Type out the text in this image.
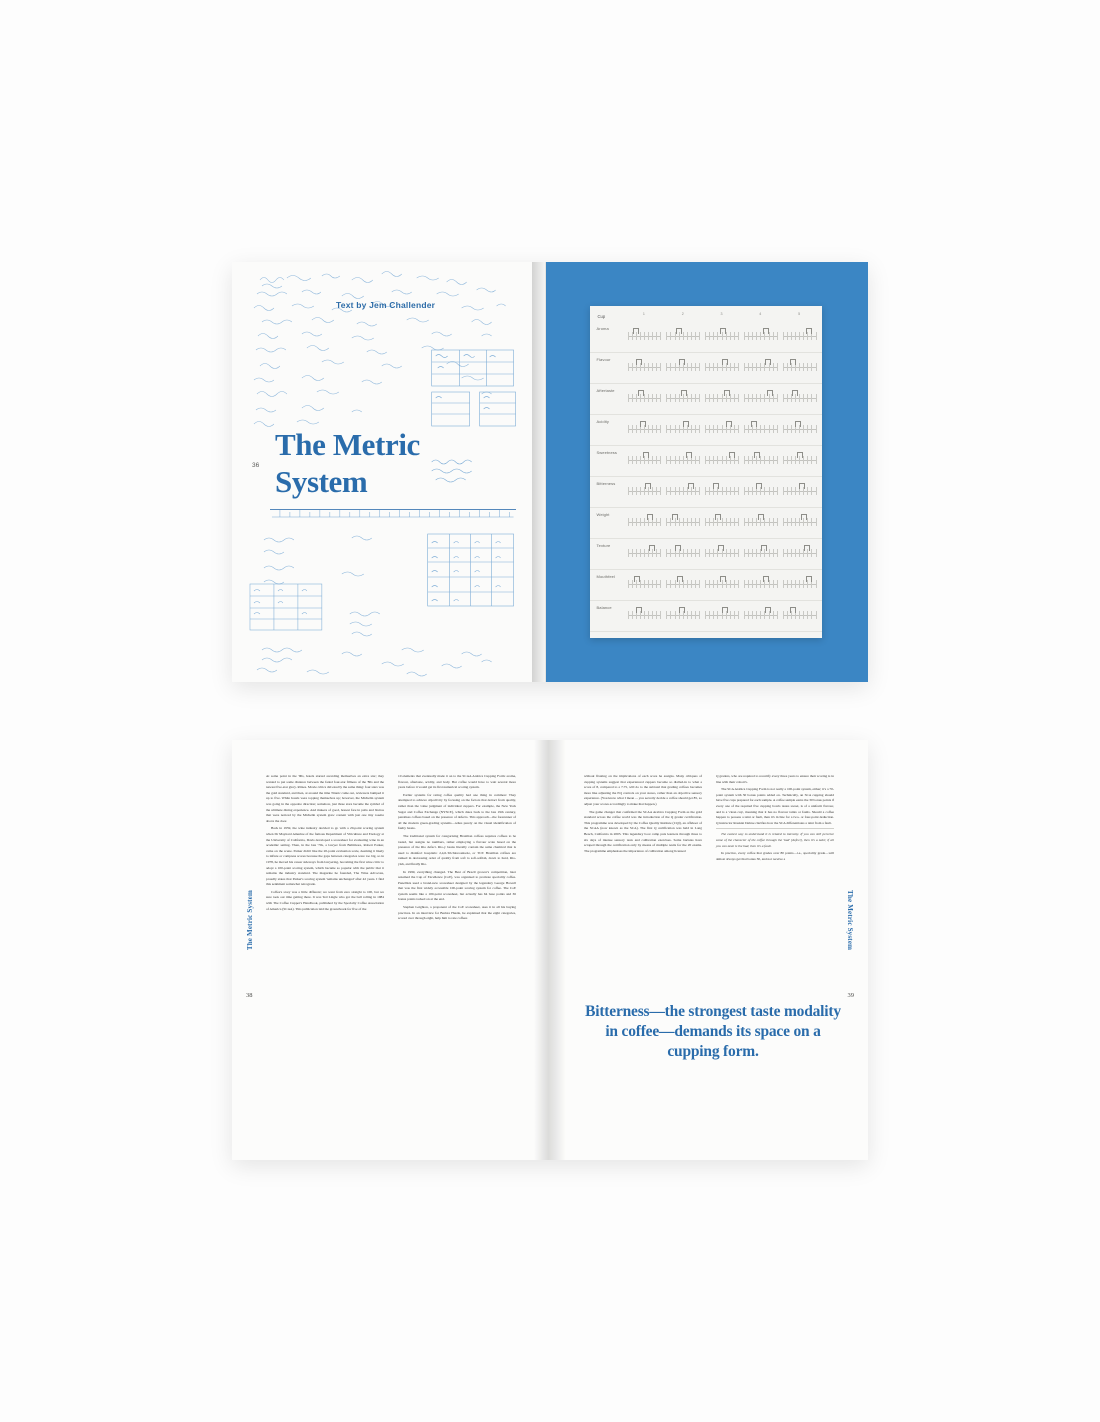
36
Text by Jem Challender
The Metric
System
Cup	1	2	3	4	5
Aroma
Flavour
Aftertaste
Acidity
Sweetness
Bitterness
Weight
Texture
Mouthfeel
Balance
The Metric System
38

At some point in the '90s, hotels started awarding themselves an extra star; they wanted to put some distance between the faded four-star fillness of the '80s and the newest five-star glory. Ritzes. Movie critics did exactly the same thing: four stars was the gold standard, and then, at around the time Titanic came out, reviewers bumped it up to five. While hotels were topping themselves up; however, the Michelin system was going in the opposite direction; somehow, just three stars became the symbol of the ultimate dining experience. And makers of good, honest fare in pubs and bistros that were noticed by the Michelin system grew content with just one tiny rosette above the door.

Back in 1959, the wine industry decided to go with a 20-point scoring system when Dr Maynard Amerine of the famous Department of Viticulture and Enology at the University of California, Davis developed a scoresheet for evaluating wine in an academic setting. Then, in the late '70s, a lawyer from Baltimore, Robert Parker, came on the scene. Parker didn't like the 20-point evaluation scale, deeming it likely to inflate or compress scores because the gaps between categories were too big, so in 1978, he moved his career sideways from lawyering, becoming the first wine critic to adopt a 100-point scoring system, which became so popular with the public that it remains the industry standard. The magazine he founded, The Wine Advocate, proudly states that Parker's scoring system 'remains unchanged' after 42 years. I find this sentiment somewhat retrograde.

Coffee's story was a little different; we went from zero straight to 100, but we sure took our time getting there. It was Ted Lingle who got the ball rolling in 1984 with The Coffee Cupper's Handbook, published by the Specialty Coffee Association of America (SCAA). This publication laid the groundwork for five of the

10 elements that eventually made it on to the SCAA Arabica Cupping Form: aroma, flavour, aftertaste, acidity, and body. But coffee would have to wait several more years before it would get its first numerical scoring system.

Earlier systems for rating coffee quality had one thing in common: They attempted to achieve objectivity by focusing on the factors that detract from quality, rather than the value judgment of individual cuppers. For example, the New York Sugar and Coffee Exchange (NYSCE), which dates back to the late 19th century, penalises coffees based on the presence of defects. This approach—the forerunner of all the modern green-grading systems—relies purely on the visual identification of faulty beans.

The traditional system for categorising Brazilian coffees requires coffees to be tasted, but assigns no numbers, rather employing a flavour scale based on the presence of the Rio defect. Rio-y beans literally contain the same chemical that is used to disinfect hospitals: 2,4,6-Trichloroanisole, or TCP. Brazilian coffees are ranked in decreasing order of quality from soft to soft-softish, down to hard, Rio-yish, and finally Rio.

In 1999, everything changed. The Best of Brazil grower's competition, later renamed the Cup of Excellence (CoE), was organised to promote speciality coffee. Panellists used a brand-new scoresheet designed by the legendary George Howell that was the first widely accessible 100-point scoring system for coffee. The CoE system seems like a 100-point scoresheet, but actually has 64 base points and 36 bonus points tacked on at the end.

Stephen Leighton, a proponent of the CoE scoresheet, uses it in all his buying practices. In an interview for Barista Hustle, he explained that the eight categories, scored over through eight, help him to rate coffees	The Metric System
39

without fixating on the implications of each score he assigns. Many critiques of cupping systems suggest that experienced cuppers become so dialled-in to what a score of 8, compared to a 7.75, will do to the subtotal that grading coffees becomes more like adjusting the EQ controls on your stereo, rather than an objective sensory experience. (You know what I mean ... you secretly decide a coffee should get 85, so adjust your scores accordingly to make that happen.)

The game changer that confirmed the SCAA Arabica Cupping Form as the gold standard across the coffee world was the introduction of the Q grader certification. This programme was developed by the Coffee Quality Institute (CQI), an offshoot of the SCAA (now known as the SCA). The first Q certification was held in Long Beach, California in 2003. This legendary boot camp puts learners through three to six days of intense sensory tests and calibration exercises. Some baristas have scraped through the certification only by means of multiple resits for the 20 exams. The programme emphasises the importance of calibration among licensed

Q graders, who are required to recertify every three years to ensure their scoring is in line with their cohort's.

The SCA Arabica Cupping Form is not really a 100-point system, either; it's a 70-point system with 30 bonus points added on. Technically, an SCA cupping should have five cups prepared for each sample. A coffee sample earns the 30 bonus points if every one of the required five cupping bowls tastes sweet, is of a uniform flavour, and is a 'clean cup', meaning that it has no flavour taints or faults. Should a coffee happen to possess a taint or fault, then it's in line for a two- or four-point deduction. Q instructor Roukiat Delrue clarifies how the SCA differentiates a taint from a fault.

The easiest way to understand it is related to intensity. If you can still perceive some of the character of the coffee through the 'bad' [defect], then it's a taint; if all you can taste is the bad, then it's a fault.

In practice, every coffee that grades over 80 points—i.e., speciality grade—will almost always get that bonus 30, and not receive a

Bitterness—the strongest taste modality in coffee—demands its space on a cupping form.
